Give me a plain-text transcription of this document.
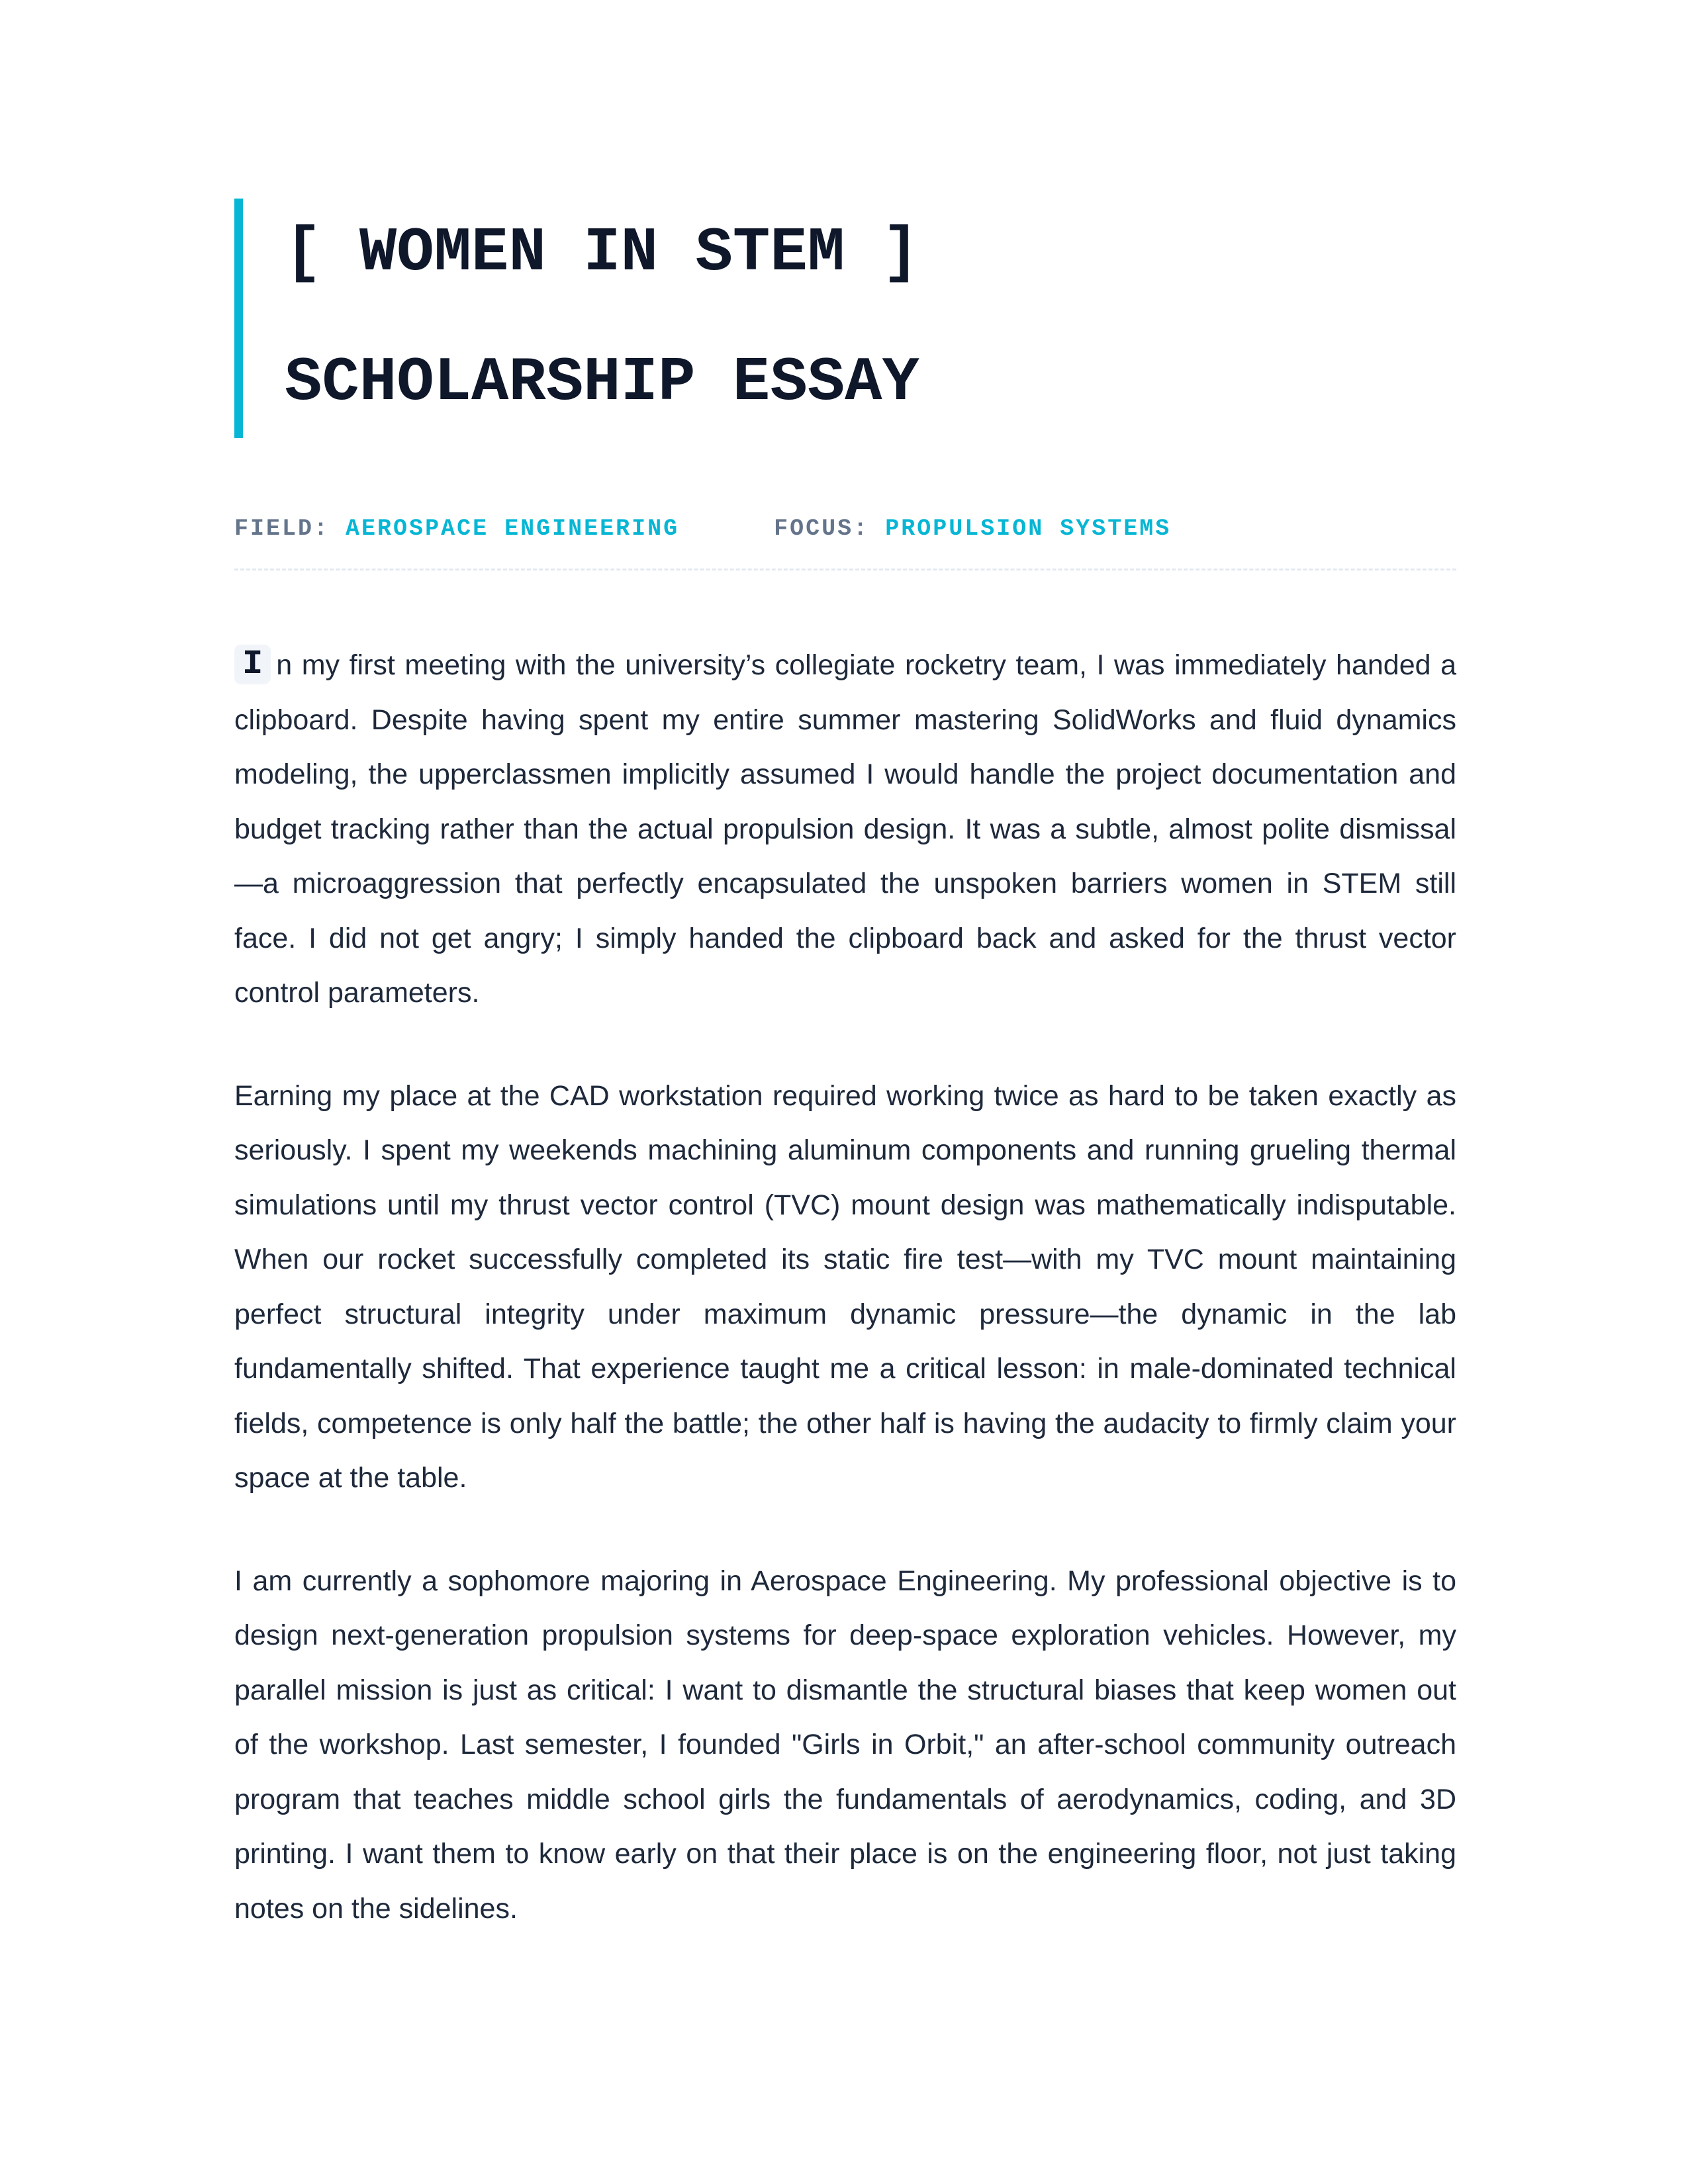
[ WOMEN IN STEM ]
SCHOLARSHIP ESSAY
FIELD: AEROSPACE ENGINEERING	FOCUS: PROPULSION SYSTEMS

I n my first meeting with the university’s collegiate rocketry team, I was immediately handed a clipboard. Despite having spent my entire summer mastering SolidWorks and fluid dynamics modeling, the upperclassmen implicitly assumed I would handle the project documentation and budget tracking rather than the actual propulsion design. It was a subtle, almost polite dismissal—a microaggression that perfectly encapsulated the unspoken barriers women in STEM still face. I did not get angry; I simply handed the clipboard back and asked for the thrust vector control parameters.

Earning my place at the CAD workstation required working twice as hard to be taken exactly as seriously. I spent my weekends machining aluminum components and running grueling thermal simulations until my thrust vector control (TVC) mount design was mathematically indisputable. When our rocket successfully completed its static fire test—with my TVC mount maintaining perfect structural integrity under maximum dynamic pressure—the dynamic in the lab fundamentally shifted. That experience taught me a critical lesson: in male-dominated technical fields, competence is only half the battle; the other half is having the audacity to firmly claim your space at the table.

I am currently a sophomore majoring in Aerospace Engineering. My professional objective is to design next-generation propulsion systems for deep-space exploration vehicles. However, my parallel mission is just as critical: I want to dismantle the structural biases that keep women out of the workshop. Last semester, I founded "Girls in Orbit," an after-school community outreach program that teaches middle school girls the fundamentals of aerodynamics, coding, and 3D printing. I want them to know early on that their place is on the engineering floor, not just taking notes on the sidelines.
